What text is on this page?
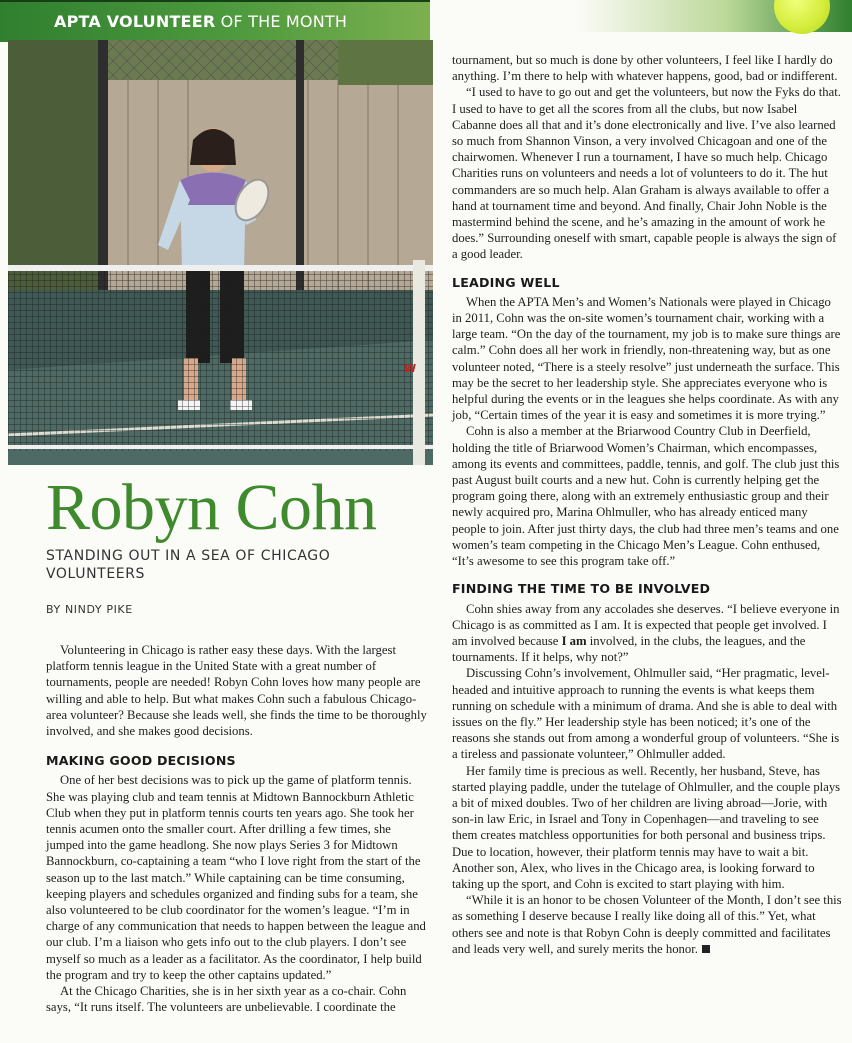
APTA VOLUNTEER OF THE MONTH
W
Robyn Cohn
STANDING OUT IN A SEA OF CHICAGO VOLUNTEERS
BY NINDY PIKE

Volunteering in Chicago is rather easy these days. With the largest platform tennis league in the United State with a great number of tournaments, people are needed! Robyn Cohn loves how many people are willing and able to help. But what makes Cohn such a fabulous Chicago-area volunteer? Because she leads well, she finds the time to be thoroughly involved, and she makes good decisions.

MAKING GOOD DECISIONS

One of her best decisions was to pick up the game of platform tennis. She was playing club and team tennis at Midtown Bannockburn Athletic Club when they put in platform tennis courts ten years ago. She took her tennis acumen onto the smaller court. After drilling a few times, she jumped into the game headlong. She now plays Series 3 for Midtown Bannockburn, co-captaining a team “who I love right from the start of the season up to the last match.” While captaining can be time consuming, keeping players and schedules organized and finding subs for a team, she also volunteered to be club coordinator for the women’s league. “I’m in charge of any communication that needs to happen between the league and our club. I’m a liaison who gets info out to the club players. I don’t see myself so much as a leader as a facilitator. As the coordinator, I help build the program and try to keep the other captains updated.”

At the Chicago Charities, she is in her sixth year as a co-chair. Cohn says, “It runs itself. The volunteers are unbelievable. I coordinate the

tournament, but so much is done by other volunteers, I feel like I hardly do anything. I’m there to help with whatever happens, good, bad or indifferent.

“I used to have to go out and get the volunteers, but now the Fyks do that. I used to have to get all the scores from all the clubs, but now Isabel Cabanne does all that and it’s done electronically and live. I’ve also learned so much from Shannon Vinson, a very involved Chicagoan and one of the chairwomen. Whenever I run a tournament, I have so much help. Chicago Charities runs on volunteers and needs a lot of volunteers to do it. The hut commanders are so much help. Alan Graham is always available to offer a hand at tournament time and beyond. And finally, Chair John Noble is the mastermind behind the scene, and he’s amazing in the amount of work he does.” Surrounding oneself with smart, capable people is always the sign of a good leader.

LEADING WELL

When the APTA Men’s and Women’s Nationals were played in Chicago in 2011, Cohn was the on-site women’s tournament chair, working with a large team. “On the day of the tournament, my job is to make sure things are calm.” Cohn does all her work in friendly, non-threatening way, but as one volunteer noted, “There is a steely resolve” just underneath the surface. This may be the secret to her leadership style. She appreciates everyone who is helpful during the events or in the leagues she helps coordinate. As with any job, “Certain times of the year it is easy and sometimes it is more trying.”

Cohn is also a member at the Briarwood Country Club in Deerfield, holding the title of Briarwood Women’s Chairman, which encompasses, among its events and committees, paddle, tennis, and golf. The club just this past August built courts and a new hut. Cohn is currently helping get the program going there, along with an extremely enthusiastic group and their newly acquired pro, Marina Ohlmuller, who has already enticed many people to join. After just thirty days, the club had three men’s teams and one women’s team competing in the Chicago Men’s League. Cohn enthused, “It’s awesome to see this program take off.”

FINDING THE TIME TO BE INVOLVED

Cohn shies away from any accolades she deserves. “I believe everyone in Chicago is as committed as I am. It is expected that people get involved. I am involved because I am involved, in the clubs, the leagues, and the tournaments. If it helps, why not?”

Discussing Cohn’s involvement, Ohlmuller said, “Her pragmatic, level-headed and intuitive approach to running the events is what keeps them running on schedule with a minimum of drama. And she is able to deal with issues on the fly.” Her leadership style has been noticed; it’s one of the reasons she stands out from among a wonderful group of volunteers. “She is a tireless and passionate volunteer,” Ohlmuller added.

Her family time is precious as well. Recently, her husband, Steve, has started playing paddle, under the tutelage of Ohlmuller, and the couple plays a bit of mixed doubles. Two of her children are living abroad—Jorie, with son-in law Eric, in Israel and Tony in Copenhagen—and traveling to see them creates matchless opportunities for both personal and business trips. Due to location, however, their platform tennis may have to wait a bit. Another son, Alex, who lives in the Chicago area, is looking forward to taking up the sport, and Cohn is excited to start playing with him.

“While it is an honor to be chosen Volunteer of the Month, I don’t see this as something I deserve because I really like doing all of this.” Yet, what others see and note is that Robyn Cohn is deeply committed and facilitates and leads very well, and surely merits the honor.
